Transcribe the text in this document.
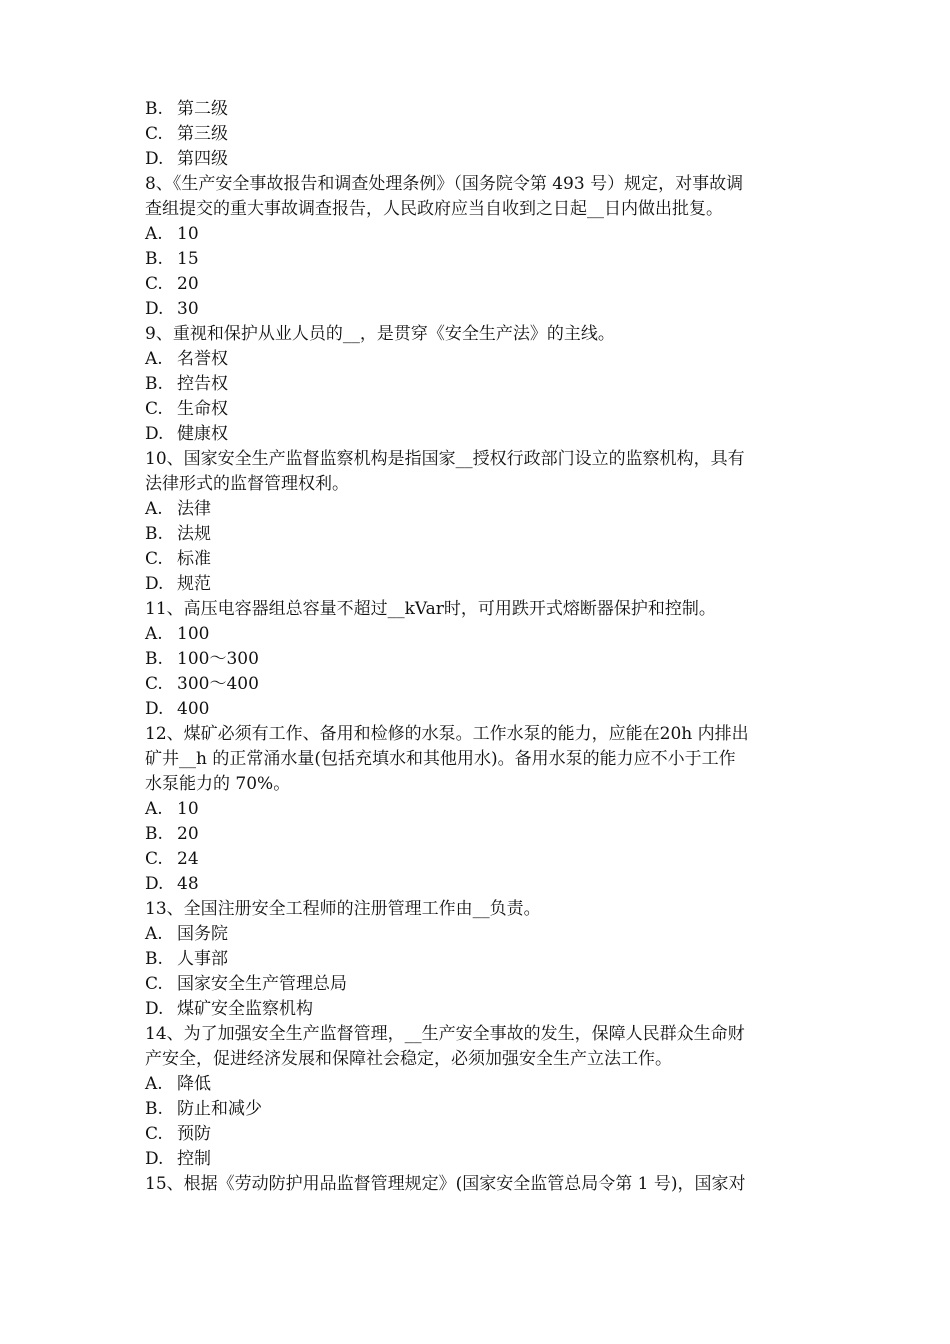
B. 第二级
C. 第三级
D. 第四级
8、《生产安全事故报告和调查处理条例》（国务院令第 493 号）规定，对事故调
查组提交的重大事故调查报告，人民政府应当自收到之日起__日内做出批复。
A. 10
B. 15
C. 20
D. 30
9、重视和保护从业人员的__，是贯穿《安全生产法》的主线。
A. 名誉权
B. 控告权
C. 生命权
D. 健康权
10、国家安全生产监督监察机构是指国家__授权行政部门设立的监察机构，具有
法律形式的监督管理权利。
A. 法律
B. 法规
C. 标准
D. 规范
11、高压电容器组总容量不超过__kVar时，可用跌开式熔断器保护和控制。
A. 100
B. 100～300
C. 300～400
D. 400
12、煤矿必须有工作、备用和检修的水泵。工作水泵的能力，应能在20h 内排出
矿井__h 的正常涌水量(包括充填水和其他用水)。备用水泵的能力应不小于工作
水泵能力的 70%。
A. 10
B. 20
C. 24
D. 48
13、全国注册安全工程师的注册管理工作由__负责。
A. 国务院
B. 人事部
C. 国家安全生产管理总局
D. 煤矿安全监察机构
14、为了加强安全生产监督管理，__生产安全事故的发生，保障人民群众生命财
产安全，促进经济发展和保障社会稳定，必须加强安全生产立法工作。
A. 降低
B. 防止和减少
C. 预防
D. 控制
15、根据《劳动防护用品监督管理规定》(国家安全监管总局令第 1 号)，国家对
